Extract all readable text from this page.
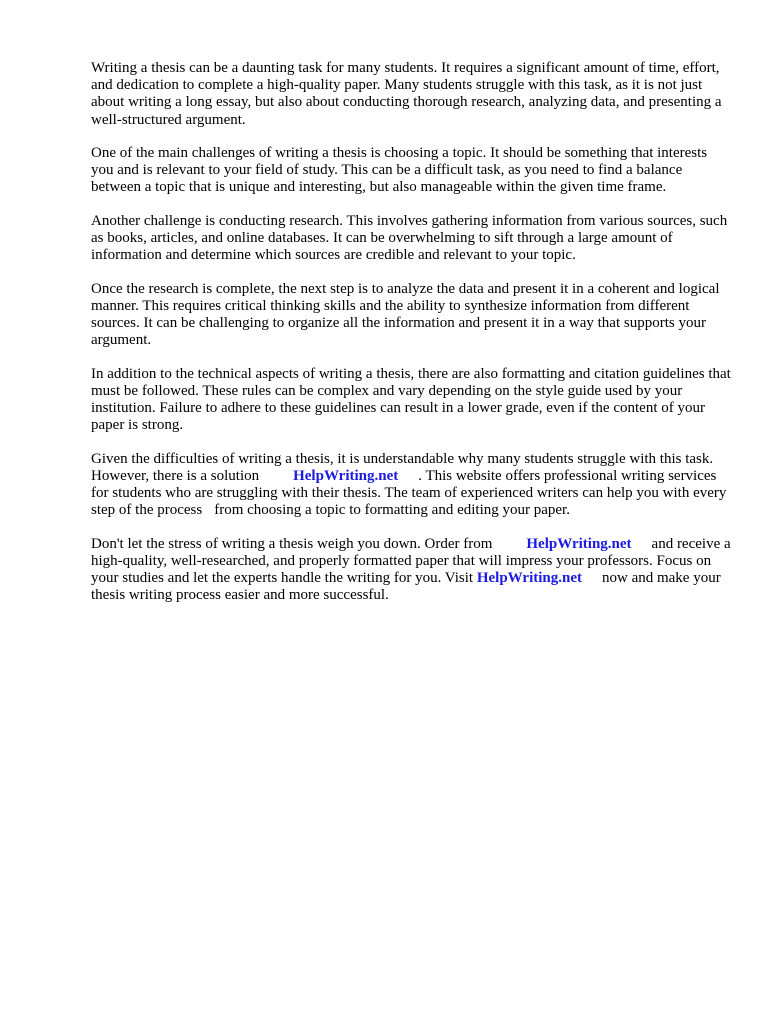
Writing a thesis can be a daunting task for many students. It requires a significant amount of time, effort, and dedication to complete a high-quality paper. Many students struggle with this task, as it is not just about writing a long essay, but also about conducting thorough research, analyzing data, and presenting a well-structured argument.

One of the main challenges of writing a thesis is choosing a topic. It should be something that interests you and is relevant to your field of study. This can be a difficult task, as you need to find a balance between a topic that is unique and interesting, but also manageable within the given time frame.

Another challenge is conducting research. This involves gathering information from various sources, such as books, articles, and online databases. It can be overwhelming to sift through a large amount of information and determine which sources are credible and relevant to your topic.

Once the research is complete, the next step is to analyze the data and present it in a coherent and logical manner. This requires critical thinking skills and the ability to synthesize information from different sources. It can be challenging to organize all the information and present it in a way that supports your argument.

In addition to the technical aspects of writing a thesis, there are also formatting and citation guidelines that must be followed. These rules can be complex and vary depending on the style guide used by your institution. Failure to adhere to these guidelines can result in a lower grade, even if the content of your paper is strong.

Given the difficulties of writing a thesis, it is understandable why many students struggle with this task. However, there is a solution HelpWriting.net . This website offers professional writing services for students who are struggling with their thesis. The team of experienced writers can help you with every step of the process from choosing a topic to formatting and editing your paper.

Don't let the stress of writing a thesis weigh you down. Order from HelpWriting.net and receive a high-quality, well-researched, and properly formatted paper that will impress your professors. Focus on your studies and let the experts handle the writing for you. Visit HelpWriting.net now and make your thesis writing process easier and more successful.
